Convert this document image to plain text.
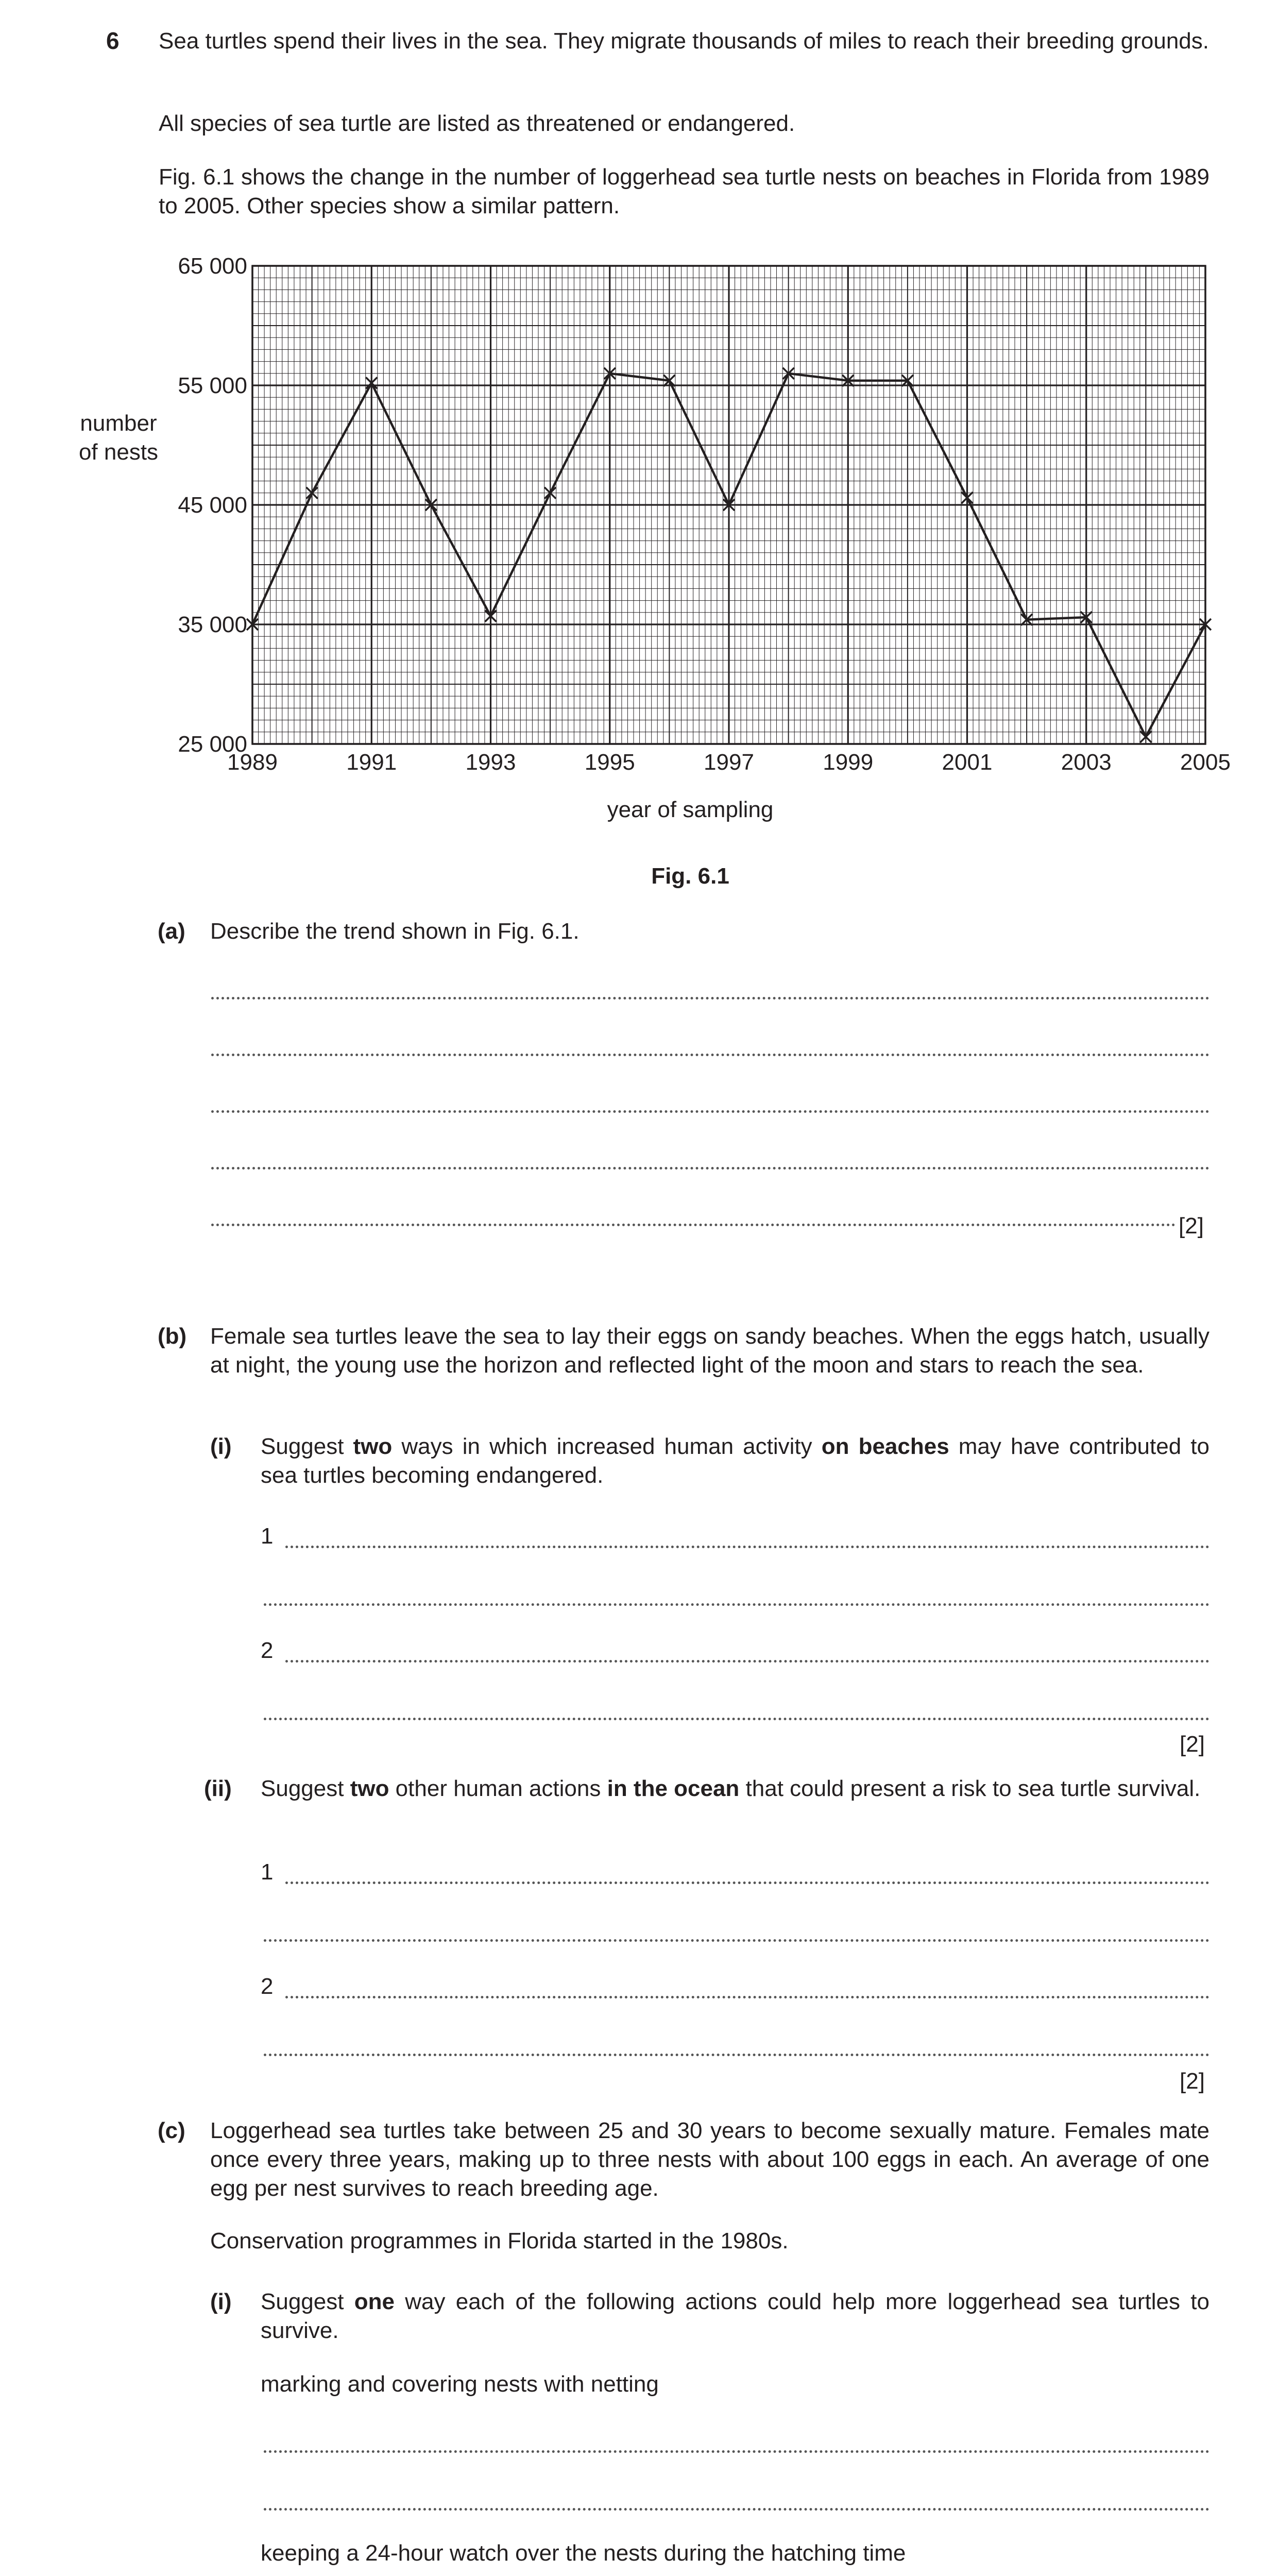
6 Sea turtles spend their lives in the sea. They migrate thousands of miles to reach their breeding grounds.
All species of sea turtle are listed as threatened or endangered.
Fig. 6.1 shows the change in the number of loggerhead sea turtle nests on beaches in Florida from 1989 to 2005. Other species show a similar pattern.
number
of nests
25 000
35 000
45 000
55 000
65 000
1989	1991	1993	1995	1997	1999	2001	2003	2005
year of sampling
Fig. 6.1
(a) Describe the trend shown in Fig. 6.1.
[2]
(b) Female sea turtles leave the sea to lay their eggs on sandy beaches. When the eggs hatch, usually at night, the young use the horizon and reflected light of the moon and stars to reach the sea.
(i) Suggest two ways in which increased human activity on beaches may have contributed to sea turtles becoming endangered.
1
2
[2]
(ii) Suggest two other human actions in the ocean that could present a risk to sea turtle survival.
1
2
[2]
(c) Loggerhead sea turtles take between 25 and 30 years to become sexually mature. Females mate once every three years, making up to three nests with about 100 eggs in each. An average of one egg per nest survives to reach breeding age.
Conservation programmes in Florida started in the 1980s.
(i) Suggest one way each of the following actions could help more loggerhead sea turtles to survive.
marking and covering nests with netting
keeping a 24-hour watch over the nests during the hatching time
